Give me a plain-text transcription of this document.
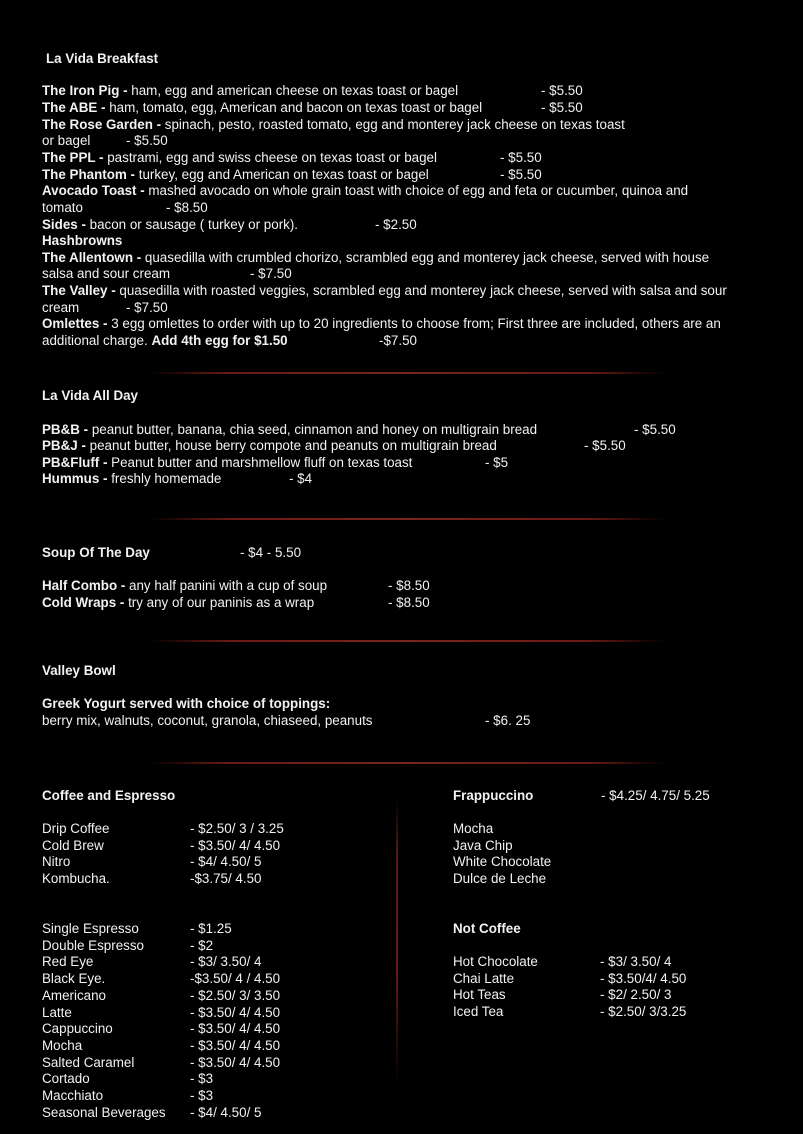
La Vida Breakfast
The Iron Pig - ham, egg and american cheese on texas toast or bagel	- $5.50
The ABE - ham, tomato, egg, American and bacon on texas toast or bagel	- $5.50
The Rose Garden - spinach, pesto, roasted tomato, egg and monterey jack cheese on texas toast
or bagel	- $5.50
The PPL - pastrami, egg and swiss cheese on texas toast or bagel	- $5.50
The Phantom - turkey, egg and American on texas toast or bagel	- $5.50
Avocado Toast - mashed avocado on whole grain toast with choice of egg and feta or cucumber, quinoa and
tomato	- $8.50
Sides - bacon or sausage ( turkey or pork).	- $2.50
Hashbrowns
The Allentown - quasedilla with crumbled chorizo, scrambled egg and monterey jack cheese, served with house
salsa and sour cream	- $7.50
The Valley - quasedilla with roasted veggies, scrambled egg and monterey jack cheese, served with salsa and sour
cream	- $7.50
Omlettes - 3 egg omlettes to order with up to 20 ingredients to choose from; First three are included, others are an
additional charge. Add 4th egg for $1.50	-$7.50
La Vida All Day
PB&B - peanut butter, banana, chia seed, cinnamon and honey on multigrain bread	- $5.50
PB&J - peanut butter, house berry compote and peanuts on multigrain bread	- $5.50
PB&Fluff - Peanut butter and marshmellow fluff on texas toast	- $5
Hummus - freshly homemade	- $4
Soup Of The Day	- $4 - 5.50
Half Combo - any half panini with a cup of soup	- $8.50
Cold Wraps - try any of our paninis as a wrap	- $8.50
Valley Bowl
Greek Yogurt served with choice of toppings:
berry mix, walnuts, coconut, granola, chiaseed, peanuts	- $6. 25
Coffee and Espresso
Drip Coffee	- $2.50/ 3 / 3.25
Cold Brew	- $3.50/ 4/ 4.50
Nitro	- $4/ 4.50/ 5
Kombucha.	-$3.75/ 4.50
Single Espresso	- $1.25
Double Espresso	- $2
Red Eye	- $3/ 3.50/ 4
Black Eye.	-$3.50/ 4 / 4.50
Americano	- $2.50/ 3/ 3.50
Latte	- $3.50/ 4/ 4.50
Cappuccino	- $3.50/ 4/ 4.50
Mocha	- $3.50/ 4/ 4.50
Salted Caramel	- $3.50/ 4/ 4.50
Cortado	- $3
Macchiato	- $3
Seasonal Beverages - $4/ 4.50/ 5
Frappuccino	- $4.25/ 4.75/ 5.25
Mocha
Java Chip
White Chocolate
Dulce de Leche
Not Coffee
Hot Chocolate	- $3/ 3.50/ 4
Chai Latte	- $3.50/4/ 4.50
Hot Teas	- $2/ 2.50/ 3
Iced Tea	- $2.50/ 3/3.25
